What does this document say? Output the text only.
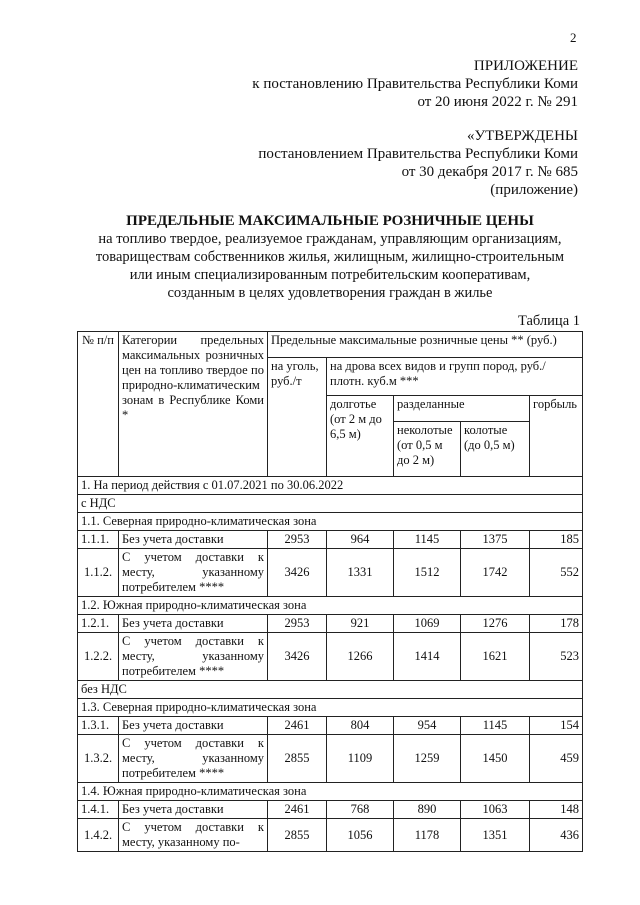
2
ПРИЛОЖЕНИЕ
к постановлению Правительства Республики Коми
от 20 июня 2022 г. № 291
«УТВЕРЖДЕНЫ
постановлением Правительства Республики Коми
от 30 декабря 2017 г. № 685
(приложение)
ПРЕДЕЛЬНЫЕ МАКСИМАЛЬНЫЕ РОЗНИЧНЫЕ ЦЕНЫ
на топливо твердое, реализуемое гражданам, управляющим организациям,
товариществам собственников жилья, жилищным, жилищно-строительным
или иным специализированным потребительским кооперативам,
созданным в целях удовлетворения граждан в жилье
Таблица 1
№ п/п	Категории предельных максимальных розничных цен на топливо твердое по природно-климатическим зонам в Республике Коми *	Предельные максимальные розничные цены ** (руб.)				
		на уголь, руб./т	на дрова всех видов и групп пород, руб./плотн. куб.м ***			
			долготье (от 2 м до 6,5 м)	разделанные		горбыль
				неколотые (от 0,5 м до 2 м)	колотые (до 0,5 м)	
1. На период действия с 01.07.2021 по 30.06.2022						
с НДС						
1.1. Северная природно-климатическая зона						
1.1.1.	Без учета доставки	2953	964	1145	1375	185
1.1.2.	С учетом доставки к месту, указанному потребителем ****	3426	1331	1512	1742	552
1.2. Южная природно-климатическая зона						
1.2.1.	Без учета доставки	2953	921	1069	1276	178
1.2.2.	С учетом доставки к месту, указанному потребителем ****	3426	1266	1414	1621	523
без НДС						
1.3. Северная природно-климатическая зона						
1.3.1.	Без учета доставки	2461	804	954	1145	154
1.3.2.	С учетом доставки к месту, указанному потребителем ****	2855	1109	1259	1450	459
1.4. Южная природно-климатическая зона						
1.4.1.	Без учета доставки	2461	768	890	1063	148
1.4.2.	С учетом доставки к месту, указанному по-	2855	1056	1178	1351	436
